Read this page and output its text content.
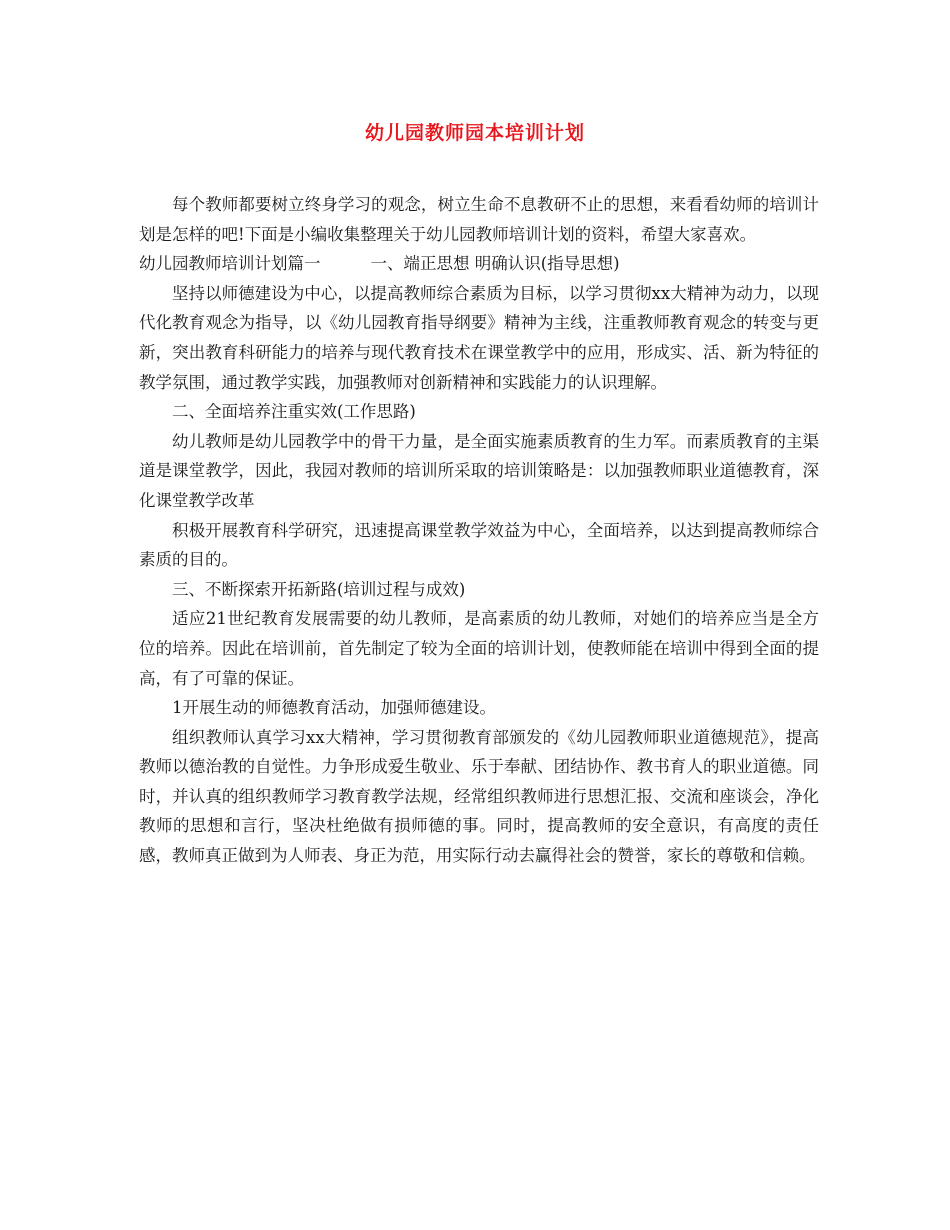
幼儿园教师园本培训计划

每个教师都要树立终身学习的观念，树立生命不息教研不止的思想，来看看幼师的培训计划是怎样的吧!下面是小编收集整理关于幼儿园教师培训计划的资料，希望大家喜欢。

幼儿园教师培训计划篇一	一、端正思想 明确认识(指导思想)

坚持以师德建设为中心，以提高教师综合素质为目标，以学习贯彻xx大精神为动力，以现代化教育观念为指导，以《幼儿园教育指导纲要》精神为主线，注重教师教育观念的转变与更新，突出教育科研能力的培养与现代教育技术在课堂教学中的应用，形成实、活、新为特征的教学氛围，通过教学实践，加强教师对创新精神和实践能力的认识理解。

二、全面培养注重实效(工作思路)

幼儿教师是幼儿园教学中的骨干力量，是全面实施素质教育的生力军。而素质教育的主渠道是课堂教学，因此，我园对教师的培训所采取的培训策略是：以加强教师职业道德教育，深化课堂教学改革

积极开展教育科学研究，迅速提高课堂教学效益为中心，全面培养，以达到提高教师综合素质的目的。

三、不断探索开拓新路(培训过程与成效)

适应21世纪教育发展需要的幼儿教师，是高素质的幼儿教师，对她们的培养应当是全方位的培养。因此在培训前，首先制定了较为全面的培训计划，使教师能在培训中得到全面的提高，有了可靠的保证。

1开展生动的师德教育活动，加强师德建设。

组织教师认真学习xx大精神，学习贯彻教育部颁发的《幼儿园教师职业道德规范》，提高教师以德治教的自觉性。力争形成爱生敬业、乐于奉献、团结协作、教书育人的职业道德。同时，并认真的组织教师学习教育教学法规，经常组织教师进行思想汇报、交流和座谈会，净化教师的思想和言行，坚决杜绝做有损师德的事。同时，提高教师的安全意识，有高度的责任感，教师真正做到为人师表、身正为范，用实际行动去赢得社会的赞誉，家长的尊敬和信赖。
